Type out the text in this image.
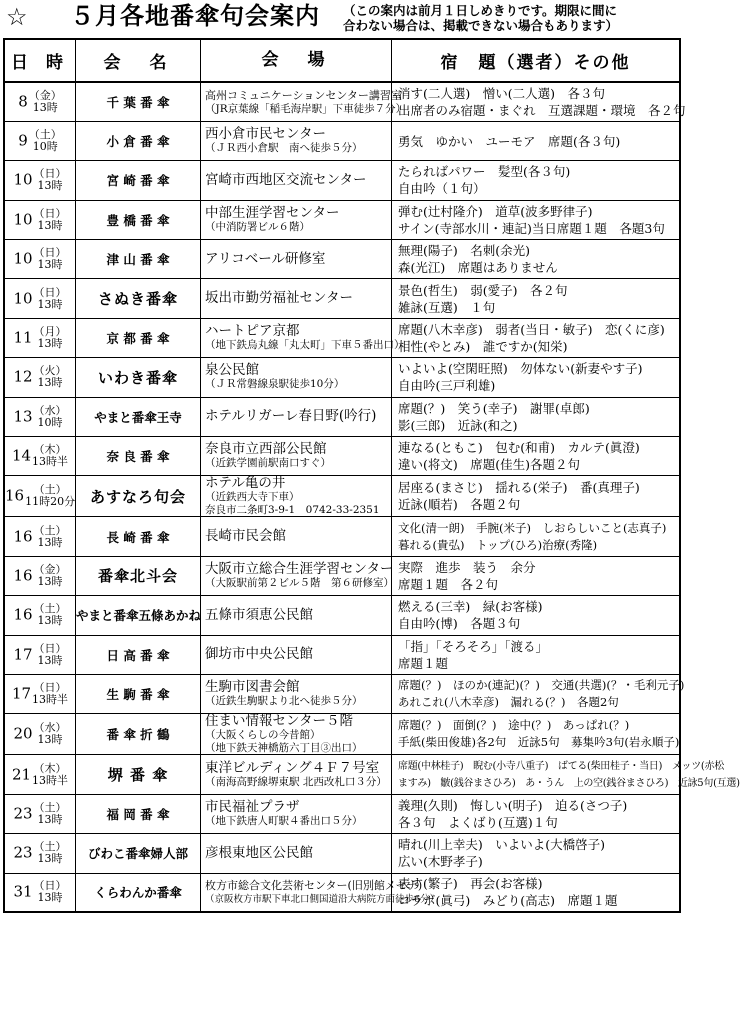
☆ ５月各地番傘句会案内 （この案内は前月１日しめきりです。期限に間に
合わない場合は、掲載できない場合もあります）
日 時	会　名	会　場	宿　題（選者）その他
8 （金）
13時	千 葉 番 傘	高州コミュニケーションセンター講習室
（JR京葉線「稲毛海岸駅」下車徒歩７分）	消す(二人選)　憎い(二人選)　各３句
出席者のみ宿題・まぐれ　互選課題・環境　各２句

9 （土）
10時	小 倉 番 傘	西小倉市民センター
（ＪＲ西小倉駅　南へ徒歩５分）	勇気　ゆかい　ユーモア　席題(各３句)

10 （日）
13時	宮 崎 番 傘	宮崎市西地区交流センター	たらればパワー　髪型(各３句)
自由吟（１句）

10 （日）
13時	豊 橋 番 傘	中部生涯学習センター
（中消防署ビル６階）	弾む(辻村隆介)　道草(波多野律子)
サイン(寺部水川・連記)当日席題１題　各題3句

10 （日）
13時	津 山 番 傘	アリコベール研修室	無理(陽子)　名刺(余光)
森(光江)　席題はありません

10 （日）
13時	さぬき番傘	坂出市勤労福祉センター	景色(哲生)　弱(愛子)　各２句
雑詠(互選)　１句

11 （月）
13時	京 都 番 傘	ハートピア京都
（地下鉄烏丸線「丸太町」下車５番出口）	席題(八木幸彦)　弱者(当日・敏子)　恋(くに彦)
相性(やとみ)　誰ですか(知栄)

12 （火）
13時	いわき番傘	泉公民館
（ＪＲ常磐線泉駅徒歩10分）	いよいよ(空閑旺照)　勿体ない(新妻やす子)
自由吟(三戸利雄)

13 （水）
10時	やまと番傘王寺	ホテルリガーレ春日野(吟行)	席題(？)　笑う(幸子)　謝罪(卓郎)
影(三郎)　近詠(和之)

14 （木）
13時半	奈 良 番 傘	奈良市立西部公民館
（近鉄学園前駅南口すぐ）	連なる(ともこ)　包む(和甫)　カルテ(眞澄)
違い(将文)　席題(佳生)各題２句

16 （土）
11時20分	あすなろ句会	ホテル亀の井
（近鉄西大寺下車）
奈良市二条町3-9-1　0742-33-2351	居座る(まさじ)　揺れる(栄子)　番(真理子)
近詠(順若)　各題２句

16 （土）
13時	長 崎 番 傘	長崎市民会館	文化(清一朗)　手腕(米子)　しおらしいこと(志真子)
暮れる(貴弘)　トップ(ひろ)治療(秀隆)

16 （金）
13時	番傘北斗会	大阪市立総合生涯学習センター
（大阪駅前第２ビル５階　第６研修室）	実際　進歩　装う　余分
席題１題　各２句

16 （土）
13時	やまと番傘五條あかね	五條市須恵公民館	燃える(三幸)　緑(お客様)
自由吟(博)　各題３句

17 （日）
13時	日 高 番 傘	御坊市中央公民館	「指」「そろそろ」「渡る」
席題１題

17 （日）
13時半	生 駒 番 傘	生駒市図書会館
（近鉄生駒駅より北へ徒歩５分）	席題(？)　ほのか(連記)(？)　交通(共選)(？・毛利元子)
あれこれ(八木幸彦)　漏れる(？)　各題2句

20 （水）
13時	番 傘 折 鶴	住まい情報センター５階
（大阪くらしの今昔館）
（地下鉄天神橋筋六丁目③出口）	席題(？)　面倒(？)　途中(？)　あっぱれ(？)
手紙(柴田俊雄)各2句　近詠5句　募集吟3句(岩永順子)

21 （木）
13時半	堺 番 傘	東洋ビルディング４Ｆ７号室
（南海高野線堺東駅 北西改札口３分）	席題(中林桂子)　睨む(小寺八重子)　ばてる(柴田桂子・当日)　メッツ(赤松
ますみ)　皺(銭谷まさひろ)　あ・うん　上の空(銭谷まさひろ)　近詠5句(互選)

23 （土）
13時	福 岡 番 傘	市民福祉プラザ
（地下鉄唐人町駅４番出口５分）	義理(久則)　悔しい(明子)　迫る(さつ子)
各３句　よくばり(互選)１句

23 （土）
13時	びわこ番傘婦人部	彦根東地区公民館	晴れ(川上幸夫)　いよいよ(大橋啓子)
広い(木野孝子)

31 （日）
13時	くらわんか番傘	枚方市総合文化芸術センター(旧別館メセナ)
（京阪枚方市駅下車北口側国道沿大病院方面徒歩6分）	表す(繁子)　再会(お客様)
コラボ(眞弓)　みどり(高志)　席題１題
